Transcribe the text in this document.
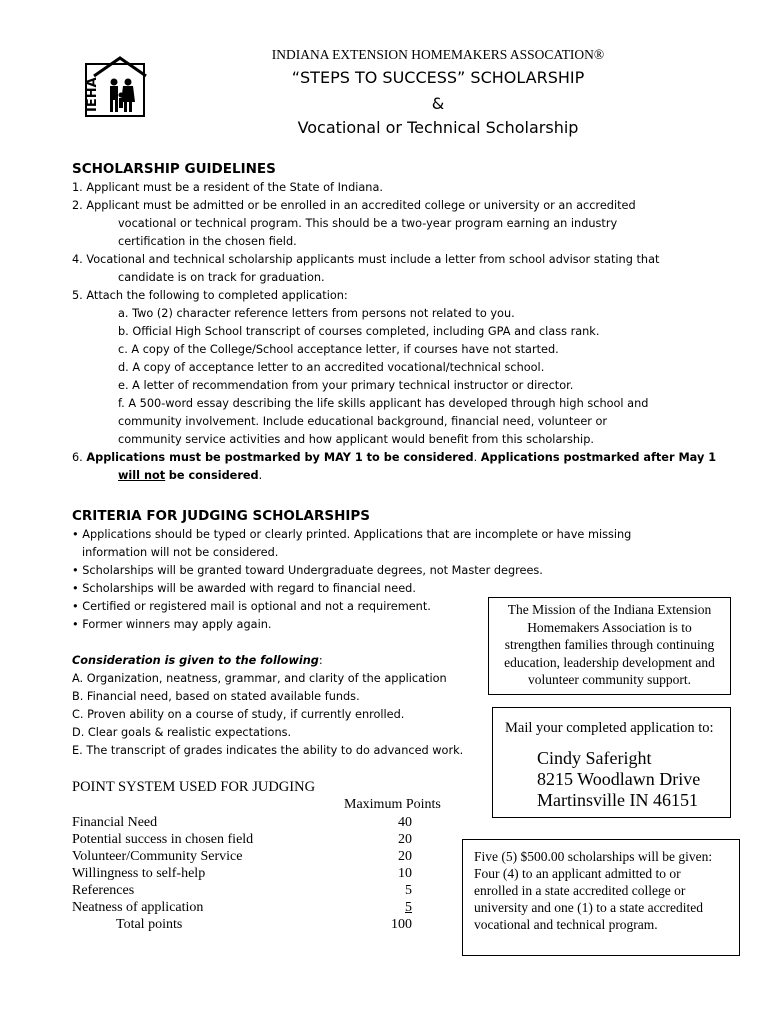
IEHA
INDIANA EXTENSION HOMEMAKERS ASSOCATION®
“STEPS TO SUCCESS” SCHOLARSHIP
&
Vocational or Technical Scholarship
SCHOLARSHIP GUIDELINES
1. Applicant must be a resident of the State of Indiana.
2. Applicant must be admitted or be enrolled in an accredited college or university or an accredited
vocational or technical program. This should be a two-year program earning an industry
certification in the chosen field.
4. Vocational and technical scholarship applicants must include a letter from school advisor stating that
candidate is on track for graduation.
5. Attach the following to completed application:
a. Two (2) character reference letters from persons not related to you.
b. Official High School transcript of courses completed, including GPA and class rank.
c. A copy of the College/School acceptance letter, if courses have not started.
d. A copy of acceptance letter to an accredited vocational/technical school.
e. A letter of recommendation from your primary technical instructor or director.
f. A 500-word essay describing the life skills applicant has developed through high school and
community involvement. Include educational background, financial need, volunteer or
community service activities and how applicant would benefit from this scholarship.
6. Applications must be postmarked by MAY 1 to be considered. Applications postmarked after May 1
will not be considered.
CRITERIA FOR JUDGING SCHOLARSHIPS
• Applications should be typed or clearly printed. Applications that are incomplete or have missing
information will not be considered.
• Scholarships will be granted toward Undergraduate degrees, not Master degrees.
• Scholarships will be awarded with regard to financial need.
• Certified or registered mail is optional and not a requirement.
• Former winners may apply again.
Consideration is given to the following:
A. Organization, neatness, grammar, and clarity of the application
B. Financial need, based on stated available funds.
C. Proven ability on a course of study, if currently enrolled.
D. Clear goals & realistic expectations.
E. The transcript of grades indicates the ability to do advanced work.
The Mission of the Indiana Extension
Homemakers Association is to
strengthen families through continuing
education, leadership development and
volunteer community support.
Mail your completed application to:
Cindy Saferight
8215 Woodlawn Drive
Martinsville IN 46151
Five (5) $500.00 scholarships will be given:
Four (4) to an applicant admitted to or
enrolled in a state accredited college or
university and one (1) to a state accredited
vocational and technical program.
POINT SYSTEM USED FOR JUDGING
Maximum Points
Financial Need	40
Potential success in chosen field	20
Volunteer/Community Service	20
Willingness to self-help	10
References	5
Neatness of application	5
Total points	100
